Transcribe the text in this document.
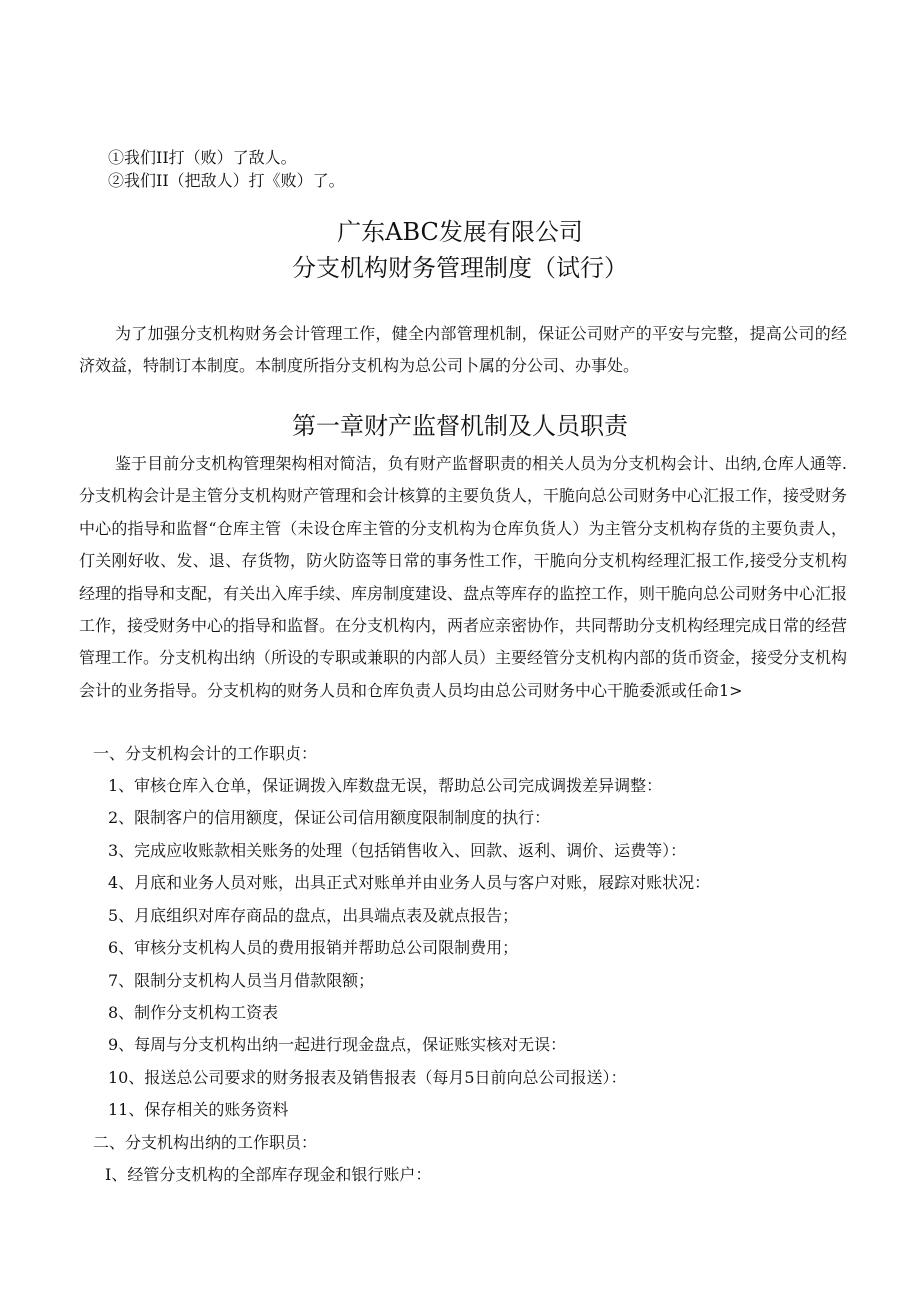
①我们II打（败）了敌人。
②我们II（把敌人）打《败）了。
广东ABC发展有限公司
分支机构财务管理制度（试行）
为了加强分支机构财务会计管理工作，健全内部管理机制，保证公司财产的平安与完整，提高公司的经济效益，特制订本制度。本制度所指分支机构为总公司卜属的分公司、办事处。
第一章财产监督机制及人员职责
鉴于目前分支机构管理架构相对简洁，负有财产监督职责的相关人员为分支机构会计、出纳,仓库人通等.分支机构会计是主管分支机构财产管理和会计核算的主要负货人，干脆向总公司财务中心汇报工作，接受财务中心的指导和监督“仓库主管（未设仓库主管的分支机构为仓库负货人）为主管分支机构存货的主要负责人，仃关刚好收、发、退、存货物，防火防盗等日常的事务性工作，干脆向分支机构经理汇报工作,接受分支机构经理的指导和支配，有关出入库手续、库房制度建设、盘点等库存的监控工作，则干脆向总公司财务中心汇报工作，接受财务中心的指导和监督。在分支机构内，两者应亲密协作，共同帮助分支机构经理完成日常的经营管理工作。分支机构出纳（所设的专职或兼职的内部人员）主要经管分支机构内部的货币资金，接受分支机构会计的业务指导。分支机构的财务人员和仓库负责人员均由总公司财务中心干脆委派或任命1>
一、分支机构会计的工作职贞：
1、审核仓库入仓单，保证调拨入库数盘无误，帮助总公司完成调拨差异调整：
2、限制客户的信用额度，保证公司信用额度限制制度的执行：
3、完成应收账款相关账务的处理（包括销售收入、回款、返利、调价、运费等）：
4、月底和业务人员对账，出具正式对账单并由业务人员与客户对账，屐踪对账状况：
5、月底组织对库存商品的盘点，出具端点表及就点报告；
6、审核分支机构人员的费用报销并帮助总公司限制费用；
7、限制分支机构人员当月借款限额；
8、制作分支机构工资表
9、每周与分支机构出纳一起进行现金盘点，保证账实核对无误：
10、报送总公司要求的财务报表及销售报表（每月5日前向总公司报送）：
11、保存相关的账务资料
二、分支机构出纳的工作职员：
I、经管分支机构的全部库存现金和银行账户：
